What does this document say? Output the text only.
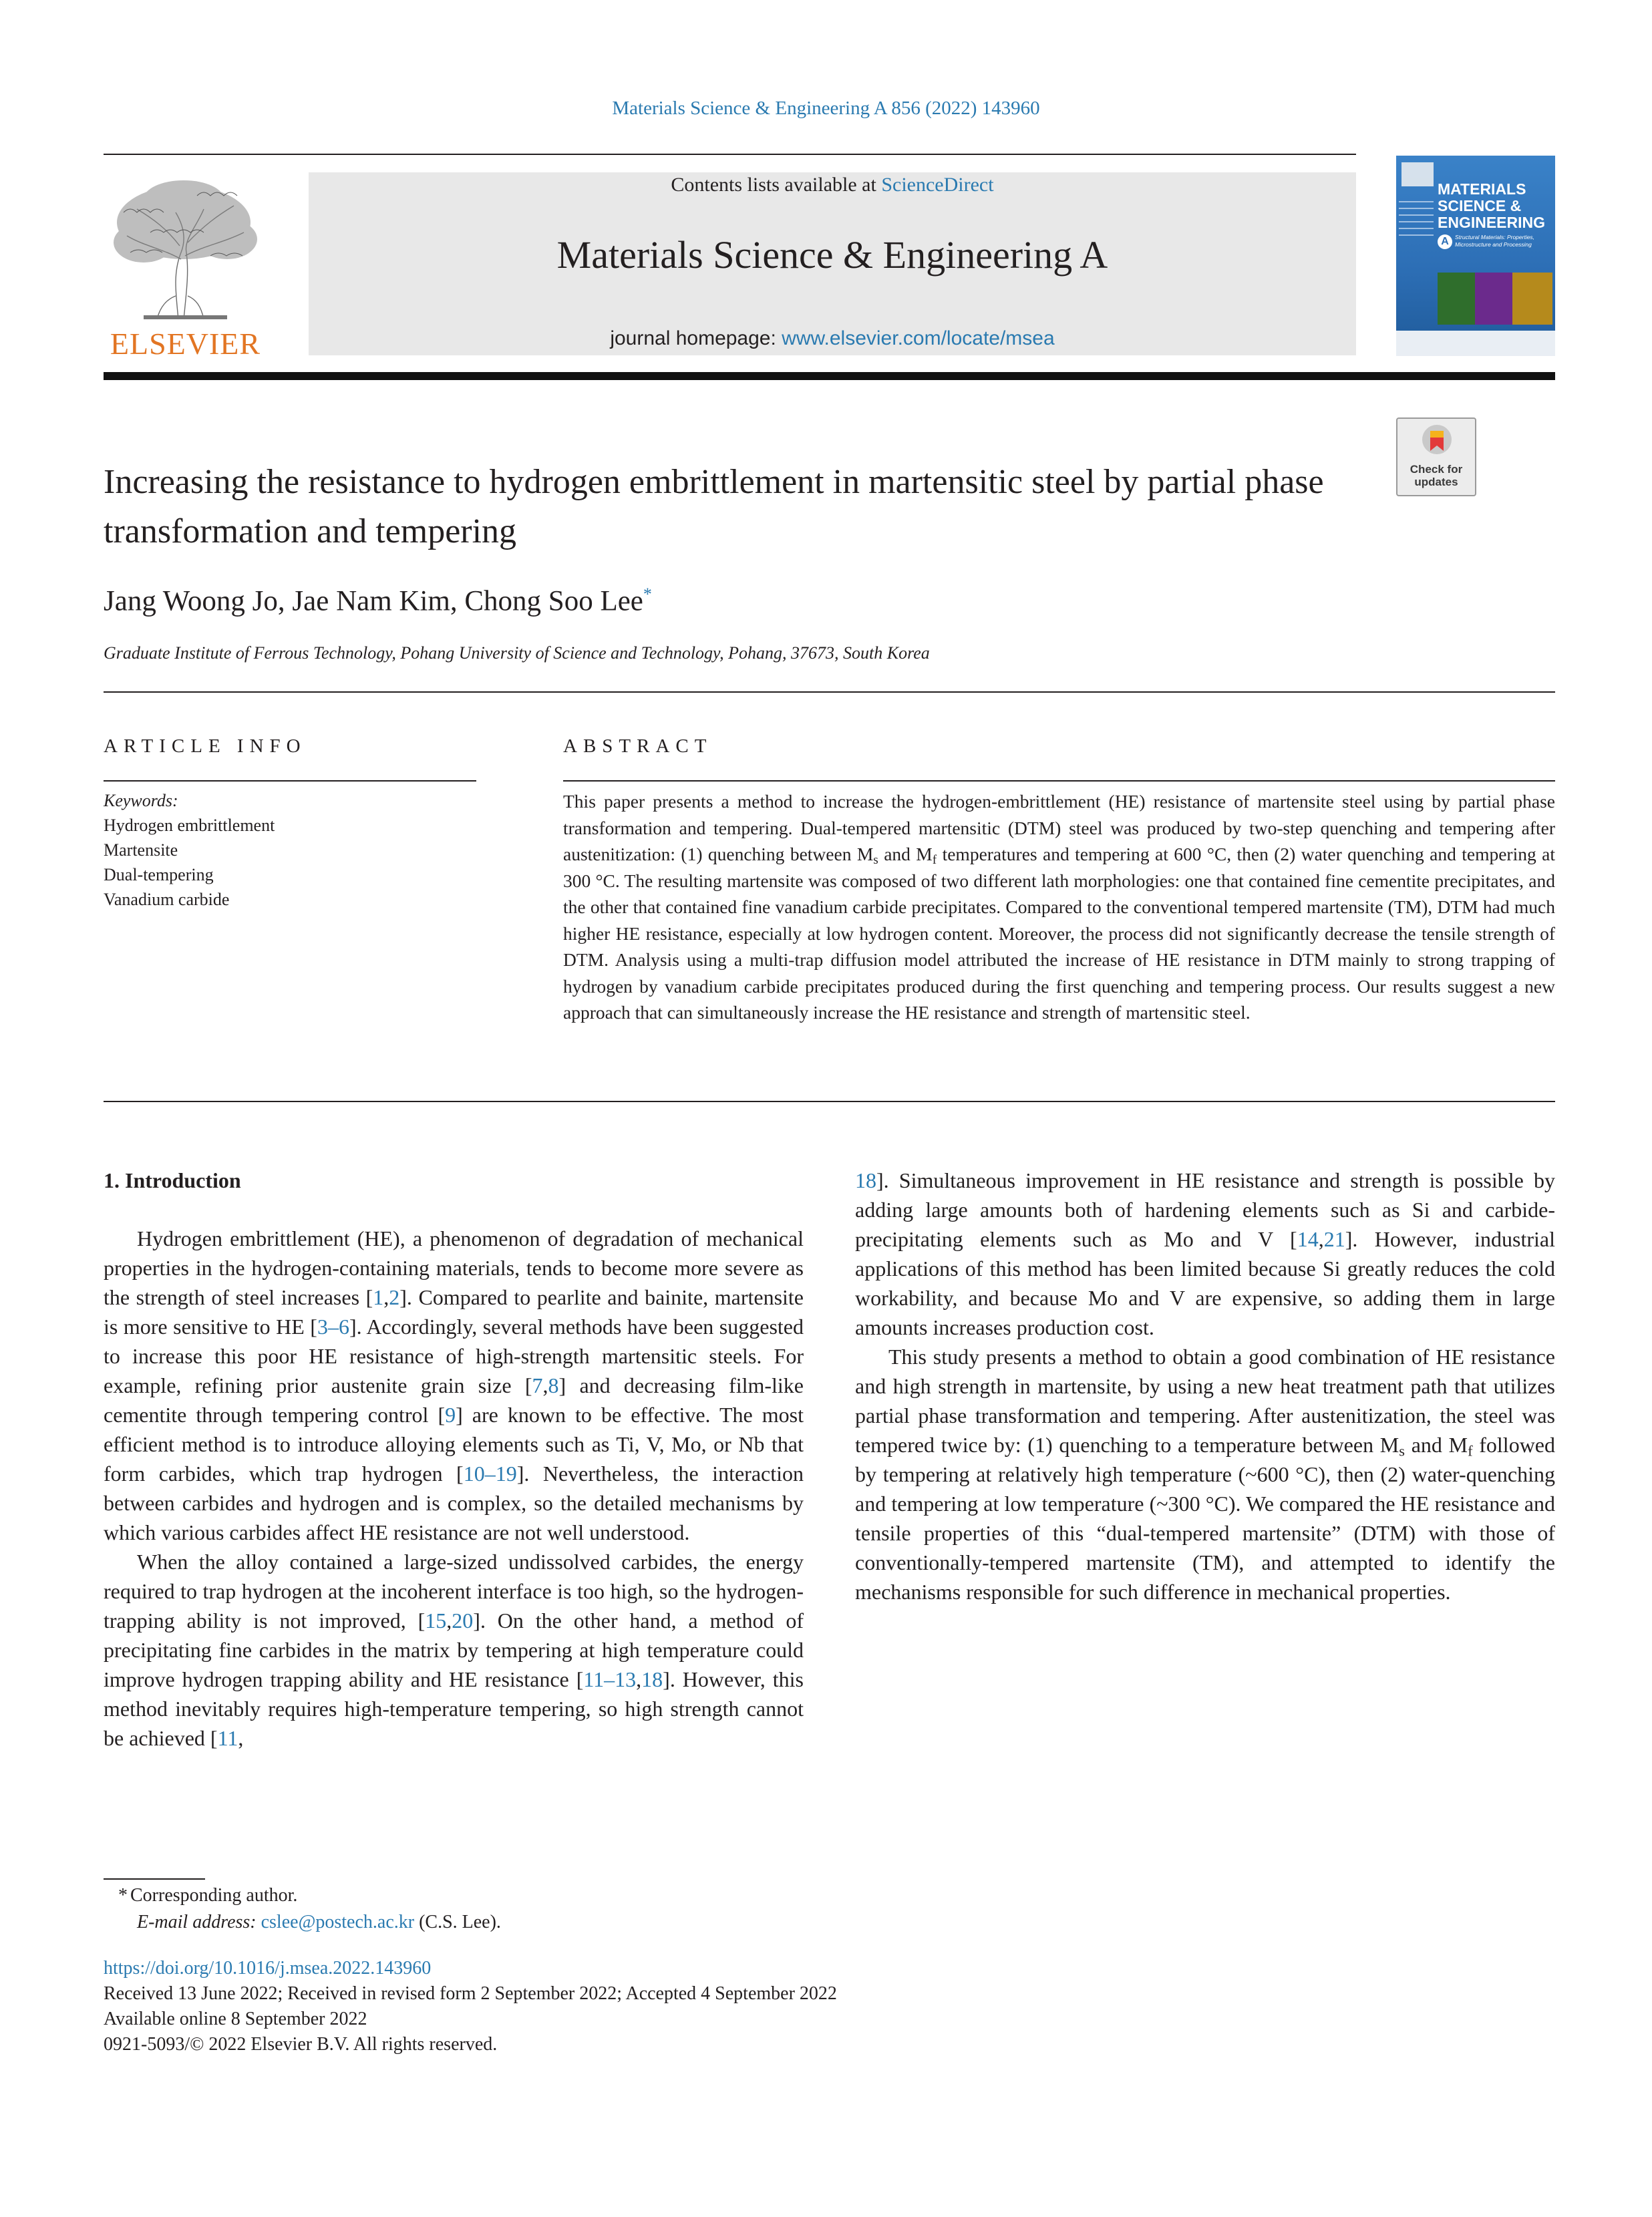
Materials Science & Engineering A 856 (2022) 143960
ELSEVIER
Contents lists available at ScienceDirect
Materials Science & Engineering A
journal homepage: www.elsevier.com/locate/msea
MATERIALS
SCIENCE &
ENGINEERING
A	Structural Materials: Properties, Microstructure and Processing
Increasing the resistance to hydrogen embrittlement in martensitic steel by partial phase transformation and tempering
Check for
updates
Jang Woong Jo, Jae Nam Kim, Chong Soo Lee*
Graduate Institute of Ferrous Technology, Pohang University of Science and Technology, Pohang, 37673, South Korea
ARTICLE INFO	ABSTRACT
Keywords:
Hydrogen embrittlement
Martensite
Dual-tempering
Vanadium carbide
This paper presents a method to increase the hydrogen-embrittlement (HE) resistance of martensite steel using by partial phase transformation and tempering. Dual-tempered martensitic (DTM) steel was produced by two-step quenching and tempering after austenitization: (1) quenching between $M_s$ and $M_f$ temperatures and tempering at 600 °C, then (2) water quenching and tempering at 300 °C. The resulting martensite was composed of two different lath morphologies: one that contained fine cementite precipitates, and the other that contained fine vanadium carbide precipitates. Compared to the conventional tempered martensite (TM), DTM had much higher HE resistance, especially at low hydrogen content. Moreover, the process did not significantly decrease the tensile strength of DTM. Analysis using a multi-trap diffusion model attributed the increase of HE resistance in DTM mainly to strong trapping of hydrogen by vanadium carbide precipitates produced during the first quenching and tempering process. Our results suggest a new approach that can simultaneously increase the HE resistance and strength of martensitic steel.

1. Introduction

Hydrogen embrittlement (HE), a phenomenon of degradation of mechanical properties in the hydrogen-containing materials, tends to become more severe as the strength of steel increases [1,2]. Compared to pearlite and bainite, martensite is more sensitive to HE [3–6]. Accordingly, several methods have been suggested to increase this poor HE resistance of high-strength martensitic steels. For example, refining prior austenite grain size [7,8] and decreasing film-like cementite through tempering control [9] are known to be effective. The most efficient method is to introduce alloying elements such as Ti, V, Mo, or Nb that form carbides, which trap hydrogen [10–19]. Nevertheless, the interaction between carbides and hydrogen and is complex, so the detailed mechanisms by which various carbides affect HE resistance are not well understood.

When the alloy contained a large-sized undissolved carbides, the energy required to trap hydrogen at the incoherent interface is too high, so the hydrogen-trapping ability is not improved, [15,20]. On the other hand, a method of precipitating fine carbides in the matrix by tempering at high temperature could improve hydrogen trapping ability and HE resistance [11–13,18]. However, this method inevitably requires high-temperature tempering, so high strength cannot be achieved [11,

18]. Simultaneous improvement in HE resistance and strength is possible by adding large amounts both of hardening elements such as Si and carbide-precipitating elements such as Mo and V [14,21]. However, industrial applications of this method has been limited because Si greatly reduces the cold workability, and because Mo and V are expensive, so adding them in large amounts increases production cost.

This study presents a method to obtain a good combination of HE resistance and high strength in martensite, by using a new heat treatment path that utilizes partial phase transformation and tempering. After austenitization, the steel was tempered twice by: (1) quenching to a temperature between $M_s$ and $M_f$ followed by tempering at relatively high temperature (~600 °C), then (2) water-quenching and tempering at low temperature (~300 °C). We compared the HE resistance and tensile properties of this “dual-tempered martensite” (DTM) with those of conventionally-tempered martensite (TM), and attempted to identify the mechanisms responsible for such difference in mechanical properties.

* Corresponding author.
E-mail address: cslee@postech.ac.kr (C.S. Lee).
https://doi.org/10.1016/j.msea.2022.143960
Received 13 June 2022; Received in revised form 2 September 2022; Accepted 4 September 2022
Available online 8 September 2022
0921-5093/© 2022 Elsevier B.V. All rights reserved.
